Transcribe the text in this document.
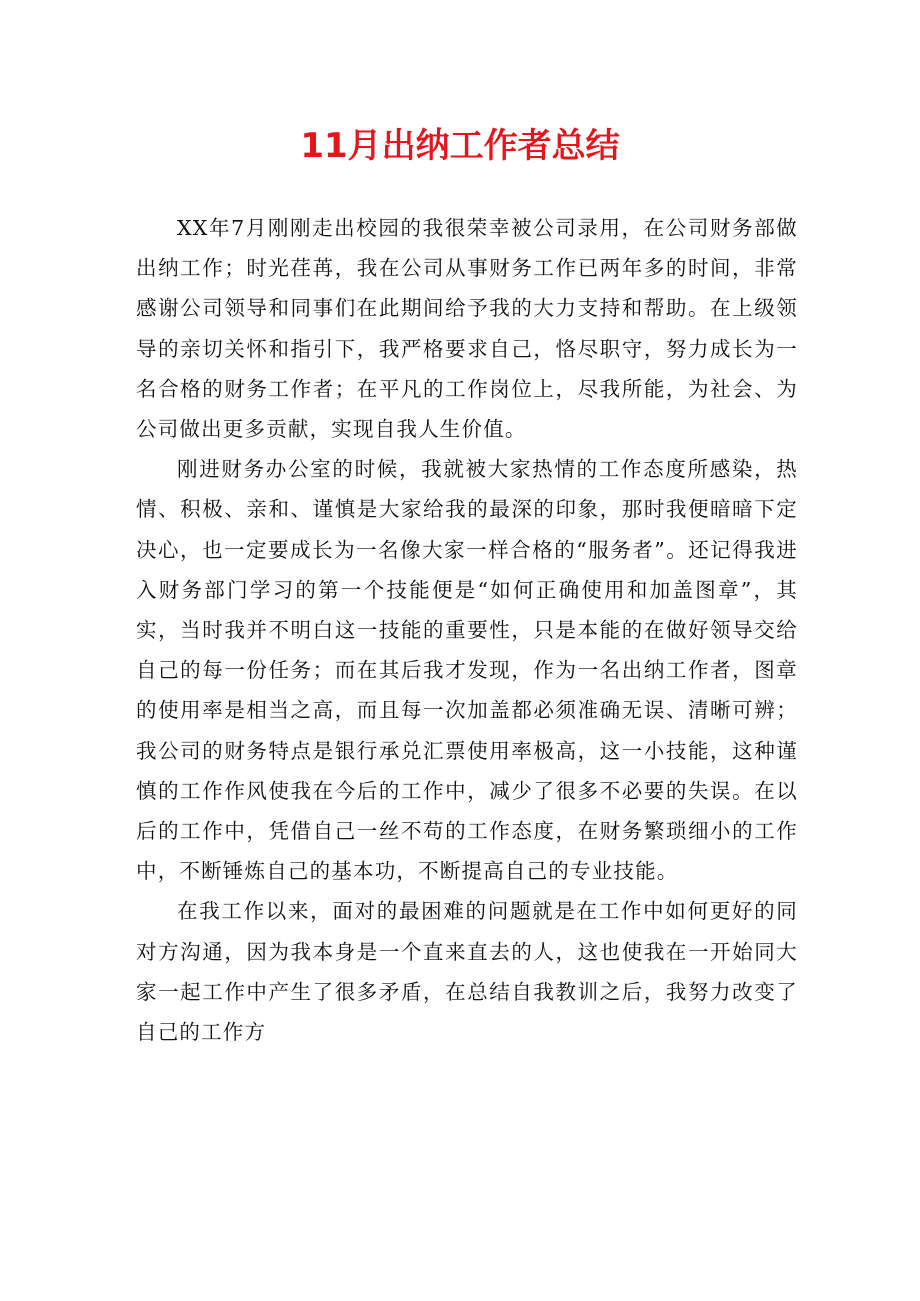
11月出纳工作者总结

XX年7月刚刚走出校园的我很荣幸被公司录用，在公司财务部做出纳工作；时光荏苒，我在公司从事财务工作已两年多的时间，非常感谢公司领导和同事们在此期间给予我的大力支持和帮助。在上级领导的亲切关怀和指引下，我严格要求自己，恪尽职守，努力成长为一名合格的财务工作者；在平凡的工作岗位上，尽我所能，为社会、为公司做出更多贡献，实现自我人生价值。

刚进财务办公室的时候，我就被大家热情的工作态度所感染，热情、积极、亲和、谨慎是大家给我的最深的印象，那时我便暗暗下定决心，也一定要成长为一名像大家一样合格的“服务者”。还记得我进入财务部门学习的第一个技能便是“如何正确使用和加盖图章”，其实，当时我并不明白这一技能的重要性，只是本能的在做好领导交给自己的每一份任务；而在其后我才发现，作为一名出纳工作者，图章的使用率是相当之高，而且每一次加盖都必须准确无误、清晰可辨；我公司的财务特点是银行承兑汇票使用率极高，这一小技能，这种谨慎的工作作风使我在今后的工作中，减少了很多不必要的失误。在以后的工作中，凭借自己一丝不苟的工作态度，在财务繁琐细小的工作中，不断锤炼自己的基本功，不断提高自己的专业技能。

在我工作以来，面对的最困难的问题就是在工作中如何更好的同对方沟通，因为我本身是一个直来直去的人，这也使我在一开始同大家一起工作中产生了很多矛盾，在总结自我教训之后，我努力改变了自己的工作方
